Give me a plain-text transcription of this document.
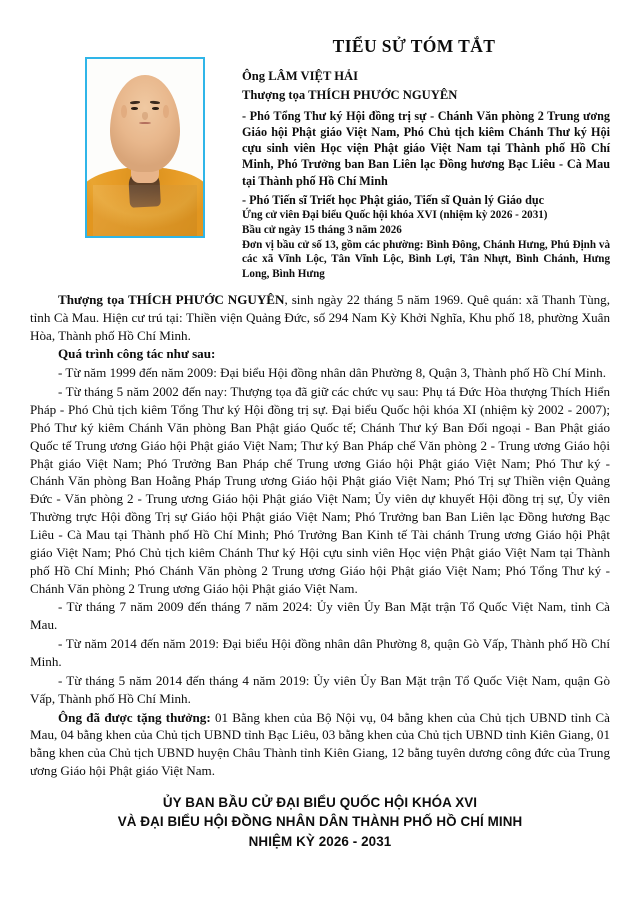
TIỂU SỬ TÓM TẮT
Ông LÂM VIỆT HẢI
Thượng tọa THÍCH PHƯỚC NGUYÊN
- Phó Tổng Thư ký Hội đồng trị sự - Chánh Văn phòng 2 Trung ương Giáo hội Phật giáo Việt Nam, Phó Chủ tịch kiêm Chánh Thư ký Hội cựu sinh viên Học viện Phật giáo Việt Nam tại Thành phố Hồ Chí Minh, Phó Trưởng ban Ban Liên lạc Đồng hương Bạc Liêu - Cà Mau tại Thành phố Hồ Chí Minh
- Phó Tiến sĩ Triết học Phật giáo, Tiến sĩ Quản lý Giáo dục
Ứng cử viên Đại biểu Quốc hội khóa XVI (nhiệm kỳ 2026 - 2031)
Bầu cử ngày 15 tháng 3 năm 2026
Đơn vị bầu cử số 13, gồm các phường: Bình Đông, Chánh Hưng, Phú Định và các xã Vĩnh Lộc, Tân Vĩnh Lộc, Bình Lợi, Tân Nhựt, Bình Chánh, Hưng Long, Bình Hưng

Thượng tọa THÍCH PHƯỚC NGUYÊN, sinh ngày 22 tháng 5 năm 1969. Quê quán: xã Thanh Tùng, tỉnh Cà Mau. Hiện cư trú tại: Thiền viện Quảng Đức, số 294 Nam Kỳ Khởi Nghĩa, Khu phố 18, phường Xuân Hòa, Thành phố Hồ Chí Minh.

Quá trình công tác như sau:

- Từ năm 1999 đến năm 2009: Đại biểu Hội đồng nhân dân Phường 8, Quận 3, Thành phố Hồ Chí Minh.

- Từ tháng 5 năm 2002 đến nay: Thượng tọa đã giữ các chức vụ sau: Phụ tá Đức Hòa thượng Thích Hiển Pháp - Phó Chủ tịch kiêm Tổng Thư ký Hội đồng trị sự. Đại biểu Quốc hội khóa XI (nhiệm kỳ 2002 - 2007); Phó Thư ký kiêm Chánh Văn phòng Ban Phật giáo Quốc tế; Chánh Thư ký Ban Đối ngoại - Ban Phật giáo Quốc tế Trung ương Giáo hội Phật giáo Việt Nam; Thư ký Ban Pháp chế Văn phòng 2 - Trung ương Giáo hội Phật giáo Việt Nam; Phó Trưởng Ban Pháp chế Trung ương Giáo hội Phật giáo Việt Nam; Phó Thư ký - Chánh Văn phòng Ban Hoằng Pháp Trung ương Giáo hội Phật giáo Việt Nam; Phó Trị sự Thiền viện Quảng Đức - Văn phòng 2 - Trung ương Giáo hội Phật giáo Việt Nam; Ủy viên dự khuyết Hội đồng trị sự, Ủy viên Thường trực Hội đồng Trị sự Giáo hội Phật giáo Việt Nam; Phó Trưởng ban Ban Liên lạc Đồng hương Bạc Liêu - Cà Mau tại Thành phố Hồ Chí Minh; Phó Trưởng Ban Kinh tế Tài chánh Trung ương Giáo hội Phật giáo Việt Nam; Phó Chủ tịch kiêm Chánh Thư ký Hội cựu sinh viên Học viện Phật giáo Việt Nam tại Thành phố Hồ Chí Minh; Phó Chánh Văn phòng 2 Trung ương Giáo hội Phật giáo Việt Nam; Phó Tổng Thư ký - Chánh Văn phòng 2 Trung ương Giáo hội Phật giáo Việt Nam.

- Từ tháng 7 năm 2009 đến tháng 7 năm 2024: Ủy viên Ủy Ban Mặt trận Tổ Quốc Việt Nam, tỉnh Cà Mau.

- Từ năm 2014 đến năm 2019: Đại biểu Hội đồng nhân dân Phường 8, quận Gò Vấp, Thành phố Hồ Chí Minh.

- Từ tháng 5 năm 2014 đến tháng 4 năm 2019: Ủy viên Ủy Ban Mặt trận Tổ Quốc Việt Nam, quận Gò Vấp, Thành phố Hồ Chí Minh.

Ông đã được tặng thưởng: 01 Bằng khen của Bộ Nội vụ, 04 bằng khen của Chủ tịch UBND tỉnh Cà Mau, 04 bằng khen của Chủ tịch UBND tỉnh Bạc Liêu, 03 bằng khen của Chủ tịch UBND tỉnh Kiên Giang, 01 bằng khen của Chủ tịch UBND huyện Châu Thành tỉnh Kiên Giang, 12 bằng tuyên dương công đức của Trung ương Giáo hội Phật giáo Việt Nam.

ỦY BAN BẦU CỬ ĐẠI BIỂU QUỐC HỘI KHÓA XVI
VÀ ĐẠI BIỂU HỘI ĐỒNG NHÂN DÂN THÀNH PHỐ HỒ CHÍ MINH
NHIỆM KỲ 2026 - 2031
